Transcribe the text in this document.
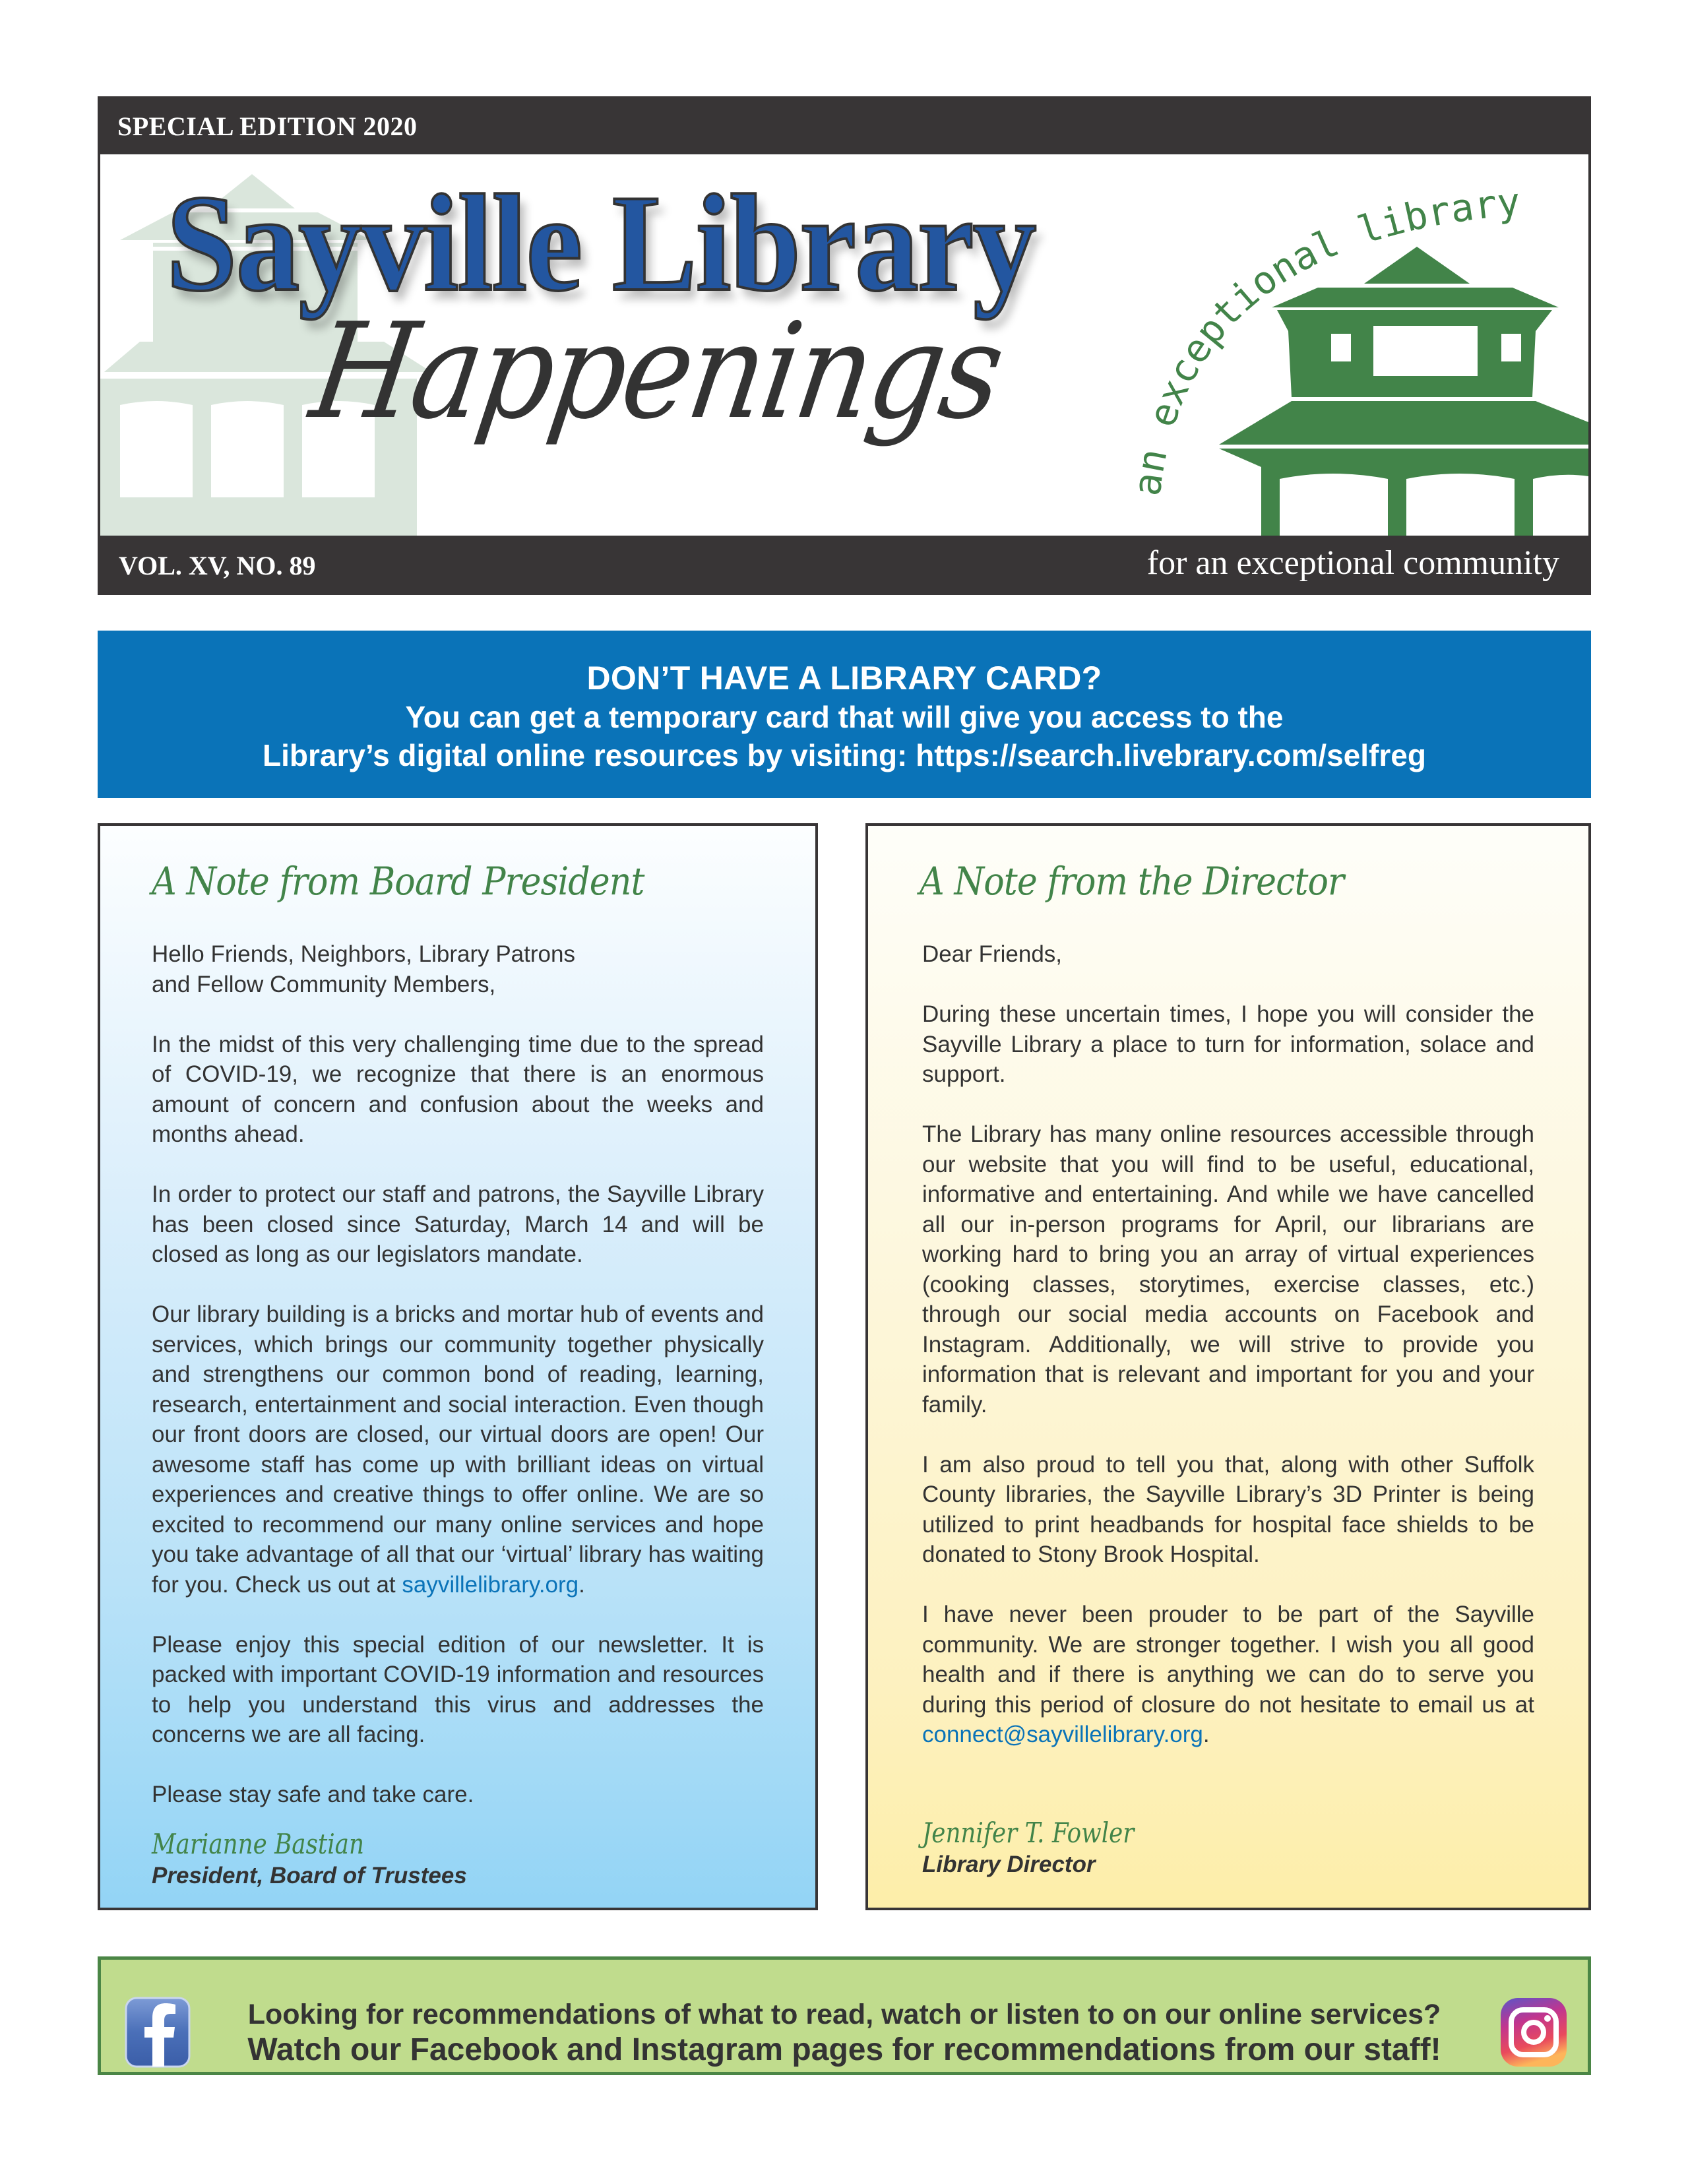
SPECIAL EDITION 2020
Sayville Library
Happenings
an exceptional library
VOL. XV, NO. 89	for an exceptional community
DON’T HAVE A LIBRARY CARD?
You can get a temporary card that will give you access to the
Library’s digital online resources by visiting: https://search.livebrary.com/selfreg
A Note from Board President

Hello Friends, Neighbors, Library Patrons
and Fellow Community Members,

In the midst of this very challenging time due to the spread of COVID-19, we recognize that there is an enormous amount of concern and confusion about the weeks and months ahead.

In order to protect our staff and patrons, the Sayville Library has been closed since Saturday, March 14 and will be closed as long as our legislators mandate.

Our library building is a bricks and mortar hub of events and services, which brings our community together physically and strengthens our common bond of reading, learning, research, entertainment and social interaction. Even though our front doors are closed, our virtual doors are open! Our awesome staff has come up with brilliant ideas on virtual experiences and creative things to offer online. We are so excited to recommend our many online services and hope you take advantage of all that our ‘virtual’ library has waiting for you. Check us out at sayvillelibrary.org.

Please enjoy this special edition of our newsletter. It is packed with important COVID-19 information and resources to help you understand this virus and addresses the concerns we are all facing.

Please stay safe and take care.

Marianne Bastian
President, Board of Trustees
A Note from the Director

Dear Friends,

During these uncertain times, I hope you will consider the Sayville Library a place to turn for information, solace and support.

The Library has many online resources accessible through our website that you will find to be useful, educational, informative and entertaining. And while we have cancelled all our in-person programs for April, our librarians are working hard to bring you an array of virtual experiences (cooking classes, storytimes, exercise classes, etc.) through our social media accounts on Facebook and Instagram. Additionally, we will strive to provide you information that is relevant and important for you and your family.

I am also proud to tell you that, along with other Suffolk County libraries, the Sayville Library’s 3D Printer is being utilized to print headbands for hospital face shields to be donated to Stony Brook Hospital.

I have never been prouder to be part of the Sayville community. We are stronger together. I wish you all good health and if there is anything we can do to serve you during this period of closure do not hesitate to email us at connect@sayvillelibrary.org.

Jennifer T. Fowler
Library Director
Looking for recommendations of what to read, watch or listen to on our online services?
Watch our Facebook and Instagram pages for recommendations from our staff!
